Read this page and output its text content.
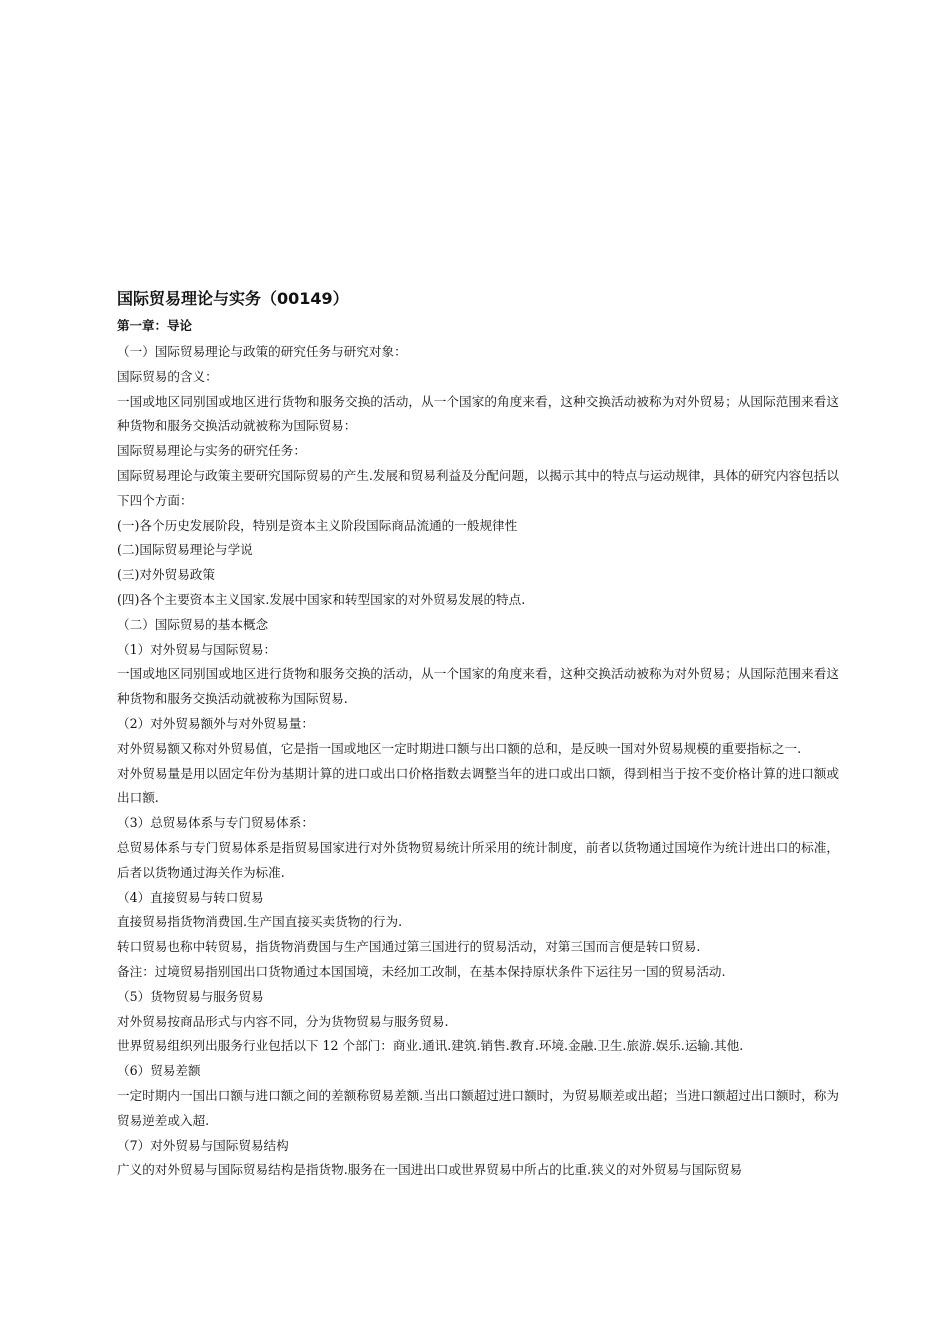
国际贸易理论与实务（00149）
第一章：导论

（一）国际贸易理论与政策的研究任务与研究对象：

国际贸易的含义：

一国或地区同别国或地区进行货物和服务交换的活动，从一个国家的角度来看，这种交换活动被称为对外贸易；从国际范围来看这种货物和服务交换活动就被称为国际贸易：

国际贸易理论与实务的研究任务：

国际贸易理论与政策主要研究国际贸易的产生.发展和贸易利益及分配问题，以揭示其中的特点与运动规律，具体的研究内容包括以下四个方面：

(一)各个历史发展阶段，特别是资本主义阶段国际商品流通的一般规律性

(二)国际贸易理论与学说

(三)对外贸易政策

(四)各个主要资本主义国家.发展中国家和转型国家的对外贸易发展的特点.

（二）国际贸易的基本概念

（1）对外贸易与国际贸易：

一国或地区同别国或地区进行货物和服务交换的活动，从一个国家的角度来看，这种交换活动被称为对外贸易；从国际范围来看这种货物和服务交换活动就被称为国际贸易.

（2）对外贸易额外与对外贸易量：

对外贸易额又称对外贸易值，它是指一国或地区一定时期进口额与出口额的总和，是反映一国对外贸易规模的重要指标之一.

对外贸易量是用以固定年份为基期计算的进口或出口价格指数去调整当年的进口或出口额，得到相当于按不变价格计算的进口额或出口额.

（3）总贸易体系与专门贸易体系：

总贸易体系与专门贸易体系是指贸易国家进行对外货物贸易统计所采用的统计制度，前者以货物通过国境作为统计进出口的标准，后者以货物通过海关作为标准.

（4）直接贸易与转口贸易

直接贸易指货物消费国.生产国直接买卖货物的行为.

转口贸易也称中转贸易，指货物消费国与生产国通过第三国进行的贸易活动，对第三国而言便是转口贸易.

备注：过境贸易指别国出口货物通过本国国境，未经加工改制，在基本保持原状条件下运往另一国的贸易活动.

（5）货物贸易与服务贸易

对外贸易按商品形式与内容不同，分为货物贸易与服务贸易.

世界贸易组织列出服务行业包括以下 12 个部门：商业.通讯.建筑.销售.教育.环境.金融.卫生.旅游.娱乐.运输.其他.

（6）贸易差额

一定时期内一国出口额与进口额之间的差额称贸易差额.当出口额超过进口额时，为贸易顺差或出超；当进口额超过出口额时，称为贸易逆差或入超.

（7）对外贸易与国际贸易结构

广义的对外贸易与国际贸易结构是指货物.服务在一国进出口或世界贸易中所占的比重.狭义的对外贸易与国际贸易
